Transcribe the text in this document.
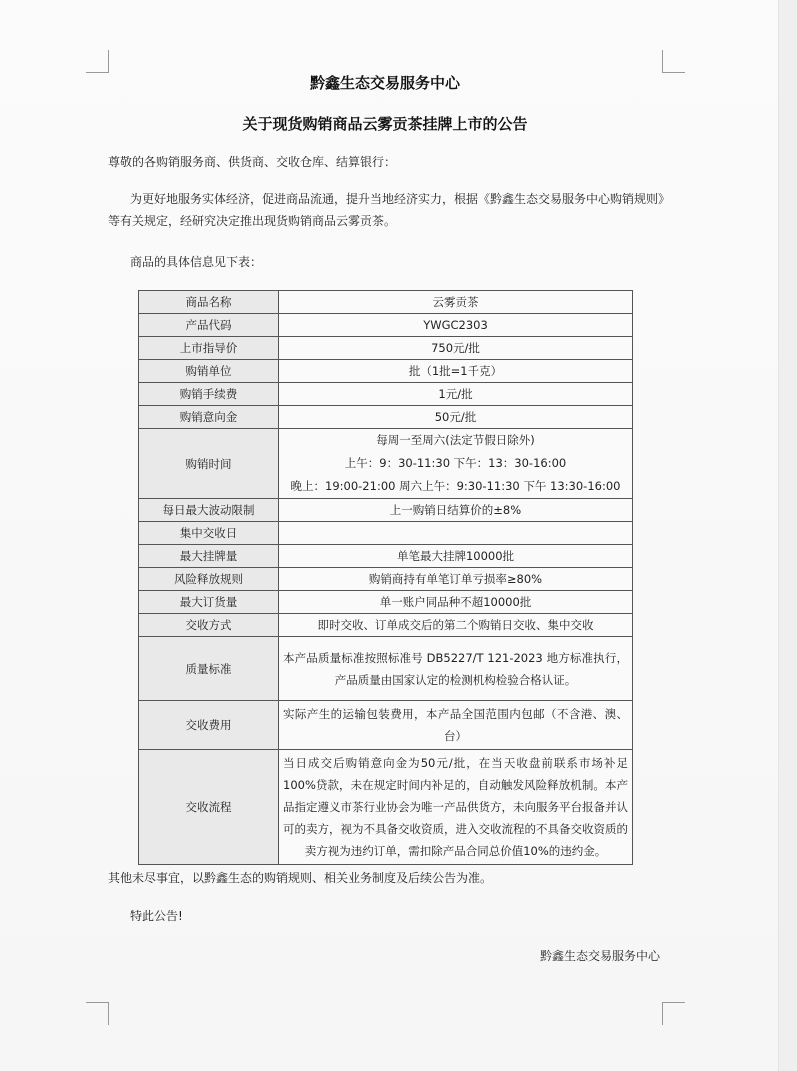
黔鑫生态交易服务中心
关于现货购销商品云雾贡茶挂牌上市的公告
尊敬的各购销服务商、供货商、交收仓库、结算银行：
为更好地服务实体经济，促进商品流通，提升当地经济实力，根据《黔鑫生态交易服务中心购销规则》等有关规定，经研究决定推出现货购销商品云雾贡茶。
商品的具体信息见下表：
商品名称	云雾贡茶
产品代码	YWGC2303
上市指导价	750元/批
购销单位	批（1批=1千克）
购销手续费	1元/批
购销意向金	50元/批
购销时间	每周一至周六(法定节假日除外)
上午：9：30-11:30 下午：13：30-16:00
晚上：19:00-21:00 周六上午：9:30-11:30 下午 13:30-16:00

每日最大波动限制	上一购销日结算价的±8%
集中交收日	
最大挂牌量	单笔最大挂牌10000批
风险释放规则	购销商持有单笔订单亏损率≥80%
最大订货量	单一账户同品种不超10000批
交收方式	即时交收、订单成交后的第二个购销日交收、集中交收
质量标准	本产品质量标准按照标准号 DB5227/T 121-2023 地方标准执行，产品质量由国家认定的检测机构检验合格认证。
交收费用	实际产生的运输包装费用，本产品全国范围内包邮（不含港、澳、台）
交收流程	当日成交后购销意向金为50元/批，在当天收盘前联系市场补足100%贷款，未在规定时间内补足的，自动触发风险释放机制。本产品指定遵义市茶行业协会为唯一产品供货方，未向服务平台报备并认可的卖方，视为不具备交收资质，进入交收流程的不具备交收资质的卖方视为违约订单，需扣除产品合同总价值10%的违约金。
其他未尽事宜，以黔鑫生态的购销规则、相关业务制度及后续公告为准。
特此公告!
黔鑫生态交易服务中心
